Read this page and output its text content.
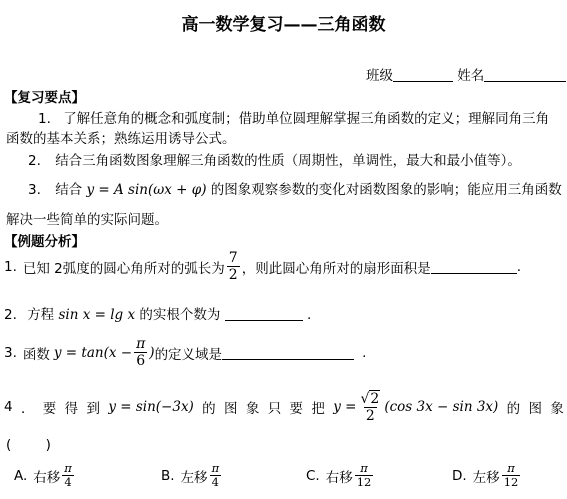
高一数学复习——三角函数
班级	姓名
【复习要点】
1. 了解任意角的概念和弧度制；借助单位圆理解掌握三角函数的定义；理解同角三角
函数的基本关系；熟练运用诱导公式。
2. 结合三角函数图象理解三角函数的性质（周期性，单调性，最大和最小值等）。
3. 结合 y = A sin(ωx + φ) 的图象观察参数的变化对函数图象的影响；能应用三角函数
解决一些简单的实际问题。
【例题分析】
1. 已知 2弧度的圆心角所对的弧长为 $\frac{7}{2}$ ，则此圆心角所对的扇形面积是	.
2. 方程 sin x = lg x 的实根个数为	.
3. 函数 $y = \tan(x - \frac{\pi}{6}$ ) 的定义域是	.
4 ． 要 得 到 y = sin(−3x) 的 图 象 只 要 把 $y = \frac{√2}{2} (\cos$ 3x − sin 3x) 的 图 象
(        )
A. 右移 $\frac{\pi}{4}$	B. 左移 $\frac{\pi}{4}$	C. 右移 $\frac{\pi}{12}$	D. 左移 $\frac{\pi}{12}$
